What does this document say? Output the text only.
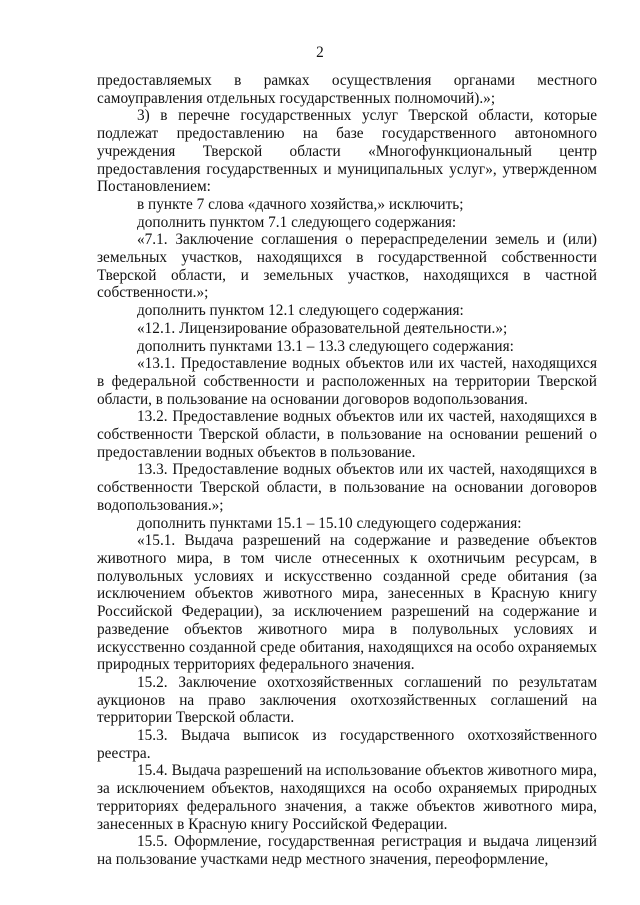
2

предоставляемых в рамках осуществления органами местного самоуправления отдельных государственных полномочий).»;

3) в перечне государственных услуг Тверской области, которые подлежат предоставлению на базе государственного автономного учреждения Тверской области «Многофункциональный центр предоставления государственных и муниципальных услуг», утвержденном Постановлением:

в пункте 7 слова «дачного хозяйства,» исключить;

дополнить пунктом 7.1 следующего содержания:

«7.1. Заключение соглашения о перераспределении земель и (или) земельных участков, находящихся в государственной собственности Тверской области, и земельных участков, находящихся в частной собственности.»;

дополнить пунктом 12.1 следующего содержания:

«12.1. Лицензирование образовательной деятельности.»;

дополнить пунктами 13.1 – 13.3 следующего содержания:

«13.1. Предоставление водных объектов или их частей, находящихся в федеральной собственности и расположенных на территории Тверской области, в пользование на основании договоров водопользования.

13.2. Предоставление водных объектов или их частей, находящихся в собственности Тверской области, в пользование на основании решений о предоставлении водных объектов в пользование.

13.3. Предоставление водных объектов или их частей, находящихся в собственности Тверской области, в пользование на основании договоров водопользования.»;

дополнить пунктами 15.1 – 15.10 следующего содержания:

«15.1. Выдача разрешений на содержание и разведение объектов животного мира, в том числе отнесенных к охотничьим ресурсам, в полувольных условиях и искусственно созданной среде обитания (за исключением объектов животного мира, занесенных в Красную книгу Российской Федерации), за исключением разрешений на содержание и разведение объектов животного мира в полувольных условиях и искусственно созданной среде обитания, находящихся на особо охраняемых природных территориях федерального значения.

15.2. Заключение охотхозяйственных соглашений по результатам аукционов на право заключения охотхозяйственных соглашений на территории Тверской области.

15.3. Выдача выписок из государственного охотхозяйственного реестра.

15.4. Выдача разрешений на использование объектов животного мира, за исключением объектов, находящихся на особо охраняемых природных территориях федерального значения, а также объектов животного мира, занесенных в Красную книгу Российской Федерации.

15.5. Оформление, государственная регистрация и выдача лицензий на пользование участками недр местного значения, переоформление,
